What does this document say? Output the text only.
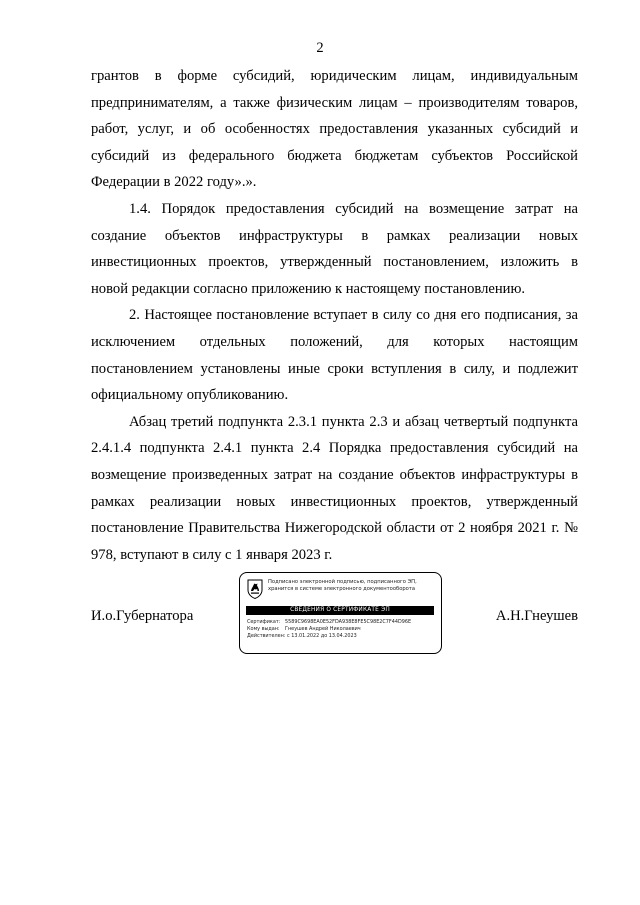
2

грантов в форме субсидий, юридическим лицам, индивидуальным предпринимателям, а также физическим лицам – производителям товаров, работ, услуг, и об особенностях предоставления указанных субсидий и субсидий из федерального бюджета бюджетам субъектов Российской Федерации в 2022 году».».

1.4. Порядок предоставления субсидий на возмещение затрат на создание объектов инфраструктуры в рамках реализации новых инвестиционных проектов, утвержденный постановлением, изложить в новой редакции согласно приложению к настоящему постановлению.

2. Настоящее постановление вступает в силу со дня его подписания, за исключением отдельных положений, для которых настоящим постановлением установлены иные сроки вступления в силу, и подлежит официальному опубликованию.

Абзац третий подпункта 2.3.1 пункта 2.3 и абзац четвертый подпункта 2.4.1.4 подпункта 2.4.1 пункта 2.4 Порядка предоставления субсидий на возмещение произведенных затрат на создание объектов инфраструктуры в рамках реализации новых инвестиционных проектов, утвержденный постановление Правительства Нижегородской области от 2 ноября 2021 г. № 978, вступают в силу с 1 января 2023 г.

И.о.Губернатора
Подписано электронной подписью, подписанного ЭП,
хранится в системе электронного документооборота
СВЕДЕНИЯ О СЕРТИФИКАТЕ ЭП
Сертификат: 5589C9698EA0E52FDA938E8FE5C98E2C7F44D96E
Кому выдан: Гнеушев Андрей Николаевич
Действителен: с 13.01.2022 до 13.04.2023
А.Н.Гнеушев
